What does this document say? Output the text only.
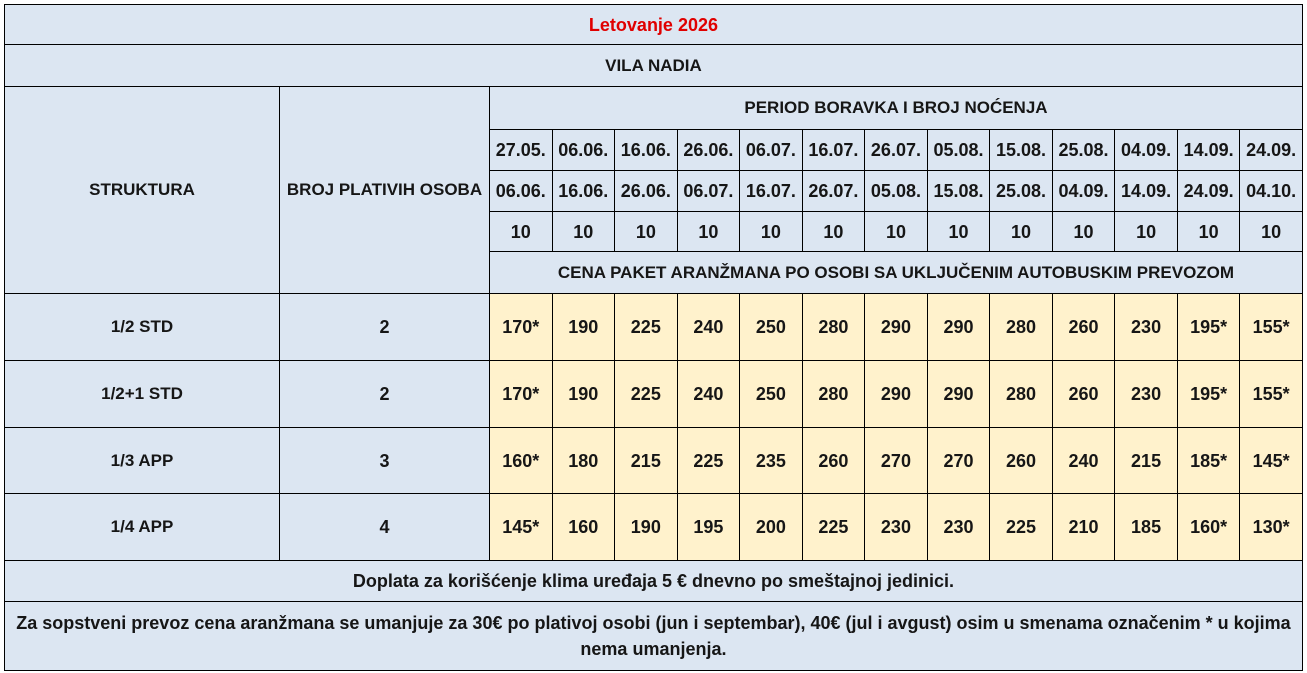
Letovanje 2026														
VILA NADIA														
STRUKTURA	BROJ PLATIVIH OSOBA	PERIOD BORAVKA I BROJ NOĆENJA												
		27.05.	06.06.	16.06.	26.06.	06.07.	16.07.	26.07.	05.08.	15.08.	25.08.	04.09.	14.09.	24.09.
		06.06.	16.06.	26.06.	06.07.	16.07.	26.07.	05.08.	15.08.	25.08.	04.09.	14.09.	24.09.	04.10.
		10	10	10	10	10	10	10	10	10	10	10	10	10
		CENA PAKET ARANŽMANA PO OSOBI SA UKLJUČENIM AUTOBUSKIM PREVOZOM												
1/2 STD	2	170*	190	225	240	250	280	290	290	280	260	230	195*	155*
1/2+1 STD	2	170*	190	225	240	250	280	290	290	280	260	230	195*	155*
1/3 APP	3	160*	180	215	225	235	260	270	270	260	240	215	185*	145*
1/4 APP	4	145*	160	190	195	200	225	230	230	225	210	185	160*	130*
Doplata za korišćenje klima uređaja 5 € dnevno po smeštajnoj jedinici.														
Za sopstveni prevoz cena aranžmana se umanjuje za 30€ po plativoj osobi (jun i septembar), 40€ (jul i avgust) osim u smenama označenim * u kojima nema umanjenja.														
